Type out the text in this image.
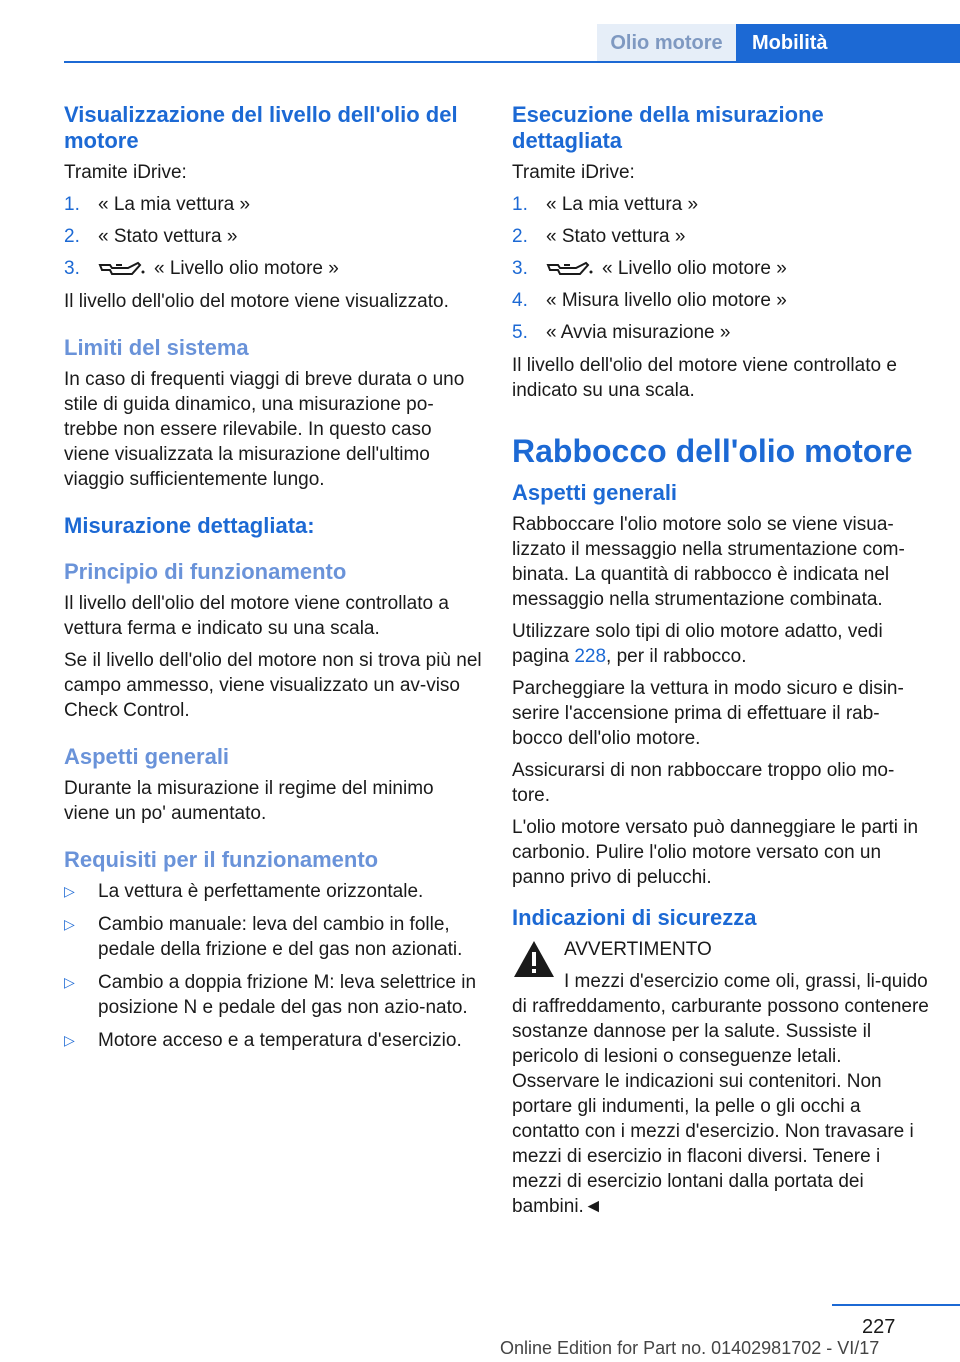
Olio motore	Mobilità
Visualizzazione del livello dell'olio del motore

Tramite iDrive:

1. « La mia vettura »
2. « Stato vettura »
3.	« Livello olio motore »

Il livello dell'olio del motore viene visualizzato.

Limiti del sistema

In caso di frequenti viaggi di breve durata o uno stile di guida dinamico, una misurazione po-trebbe non essere rilevabile. In questo caso viene visualizzata la misurazione dell'ultimo viaggio sufficientemente lungo.

Misurazione dettagliata:
Principio di funzionamento

Il livello dell'olio del motore viene controllato a vettura ferma e indicato su una scala.

Se il livello dell'olio del motore non si trova più nel campo ammesso, viene visualizzato un av-viso Check Control.

Aspetti generali

Durante la misurazione il regime del minimo viene un po' aumentato.

Requisiti per il funzionamento
▷	La vettura è perfettamente orizzontale.
▷	Cambio manuale: leva del cambio in folle, pedale della frizione e del gas non azionati.
▷	Cambio a doppia frizione M: leva selettrice in posizione N e pedale del gas non azio-nato.
▷	Motore acceso e a temperatura d'esercizio.
Esecuzione della misurazione dettagliata

Tramite iDrive:

1. « La mia vettura »
2. « Stato vettura »
3.	« Livello olio motore »
4. « Misura livello olio motore »
5. « Avvia misurazione »

Il livello dell'olio del motore viene controllato e indicato su una scala.

Rabbocco dell'olio motore
Aspetti generali

Rabboccare l'olio motore solo se viene visua-lizzato il messaggio nella strumentazione com-binata. La quantità di rabbocco è indicata nel messaggio nella strumentazione combinata.

Utilizzare solo tipi di olio motore adatto, vedi pagina 228, per il rabbocco.

Parcheggiare la vettura in modo sicuro e disin-serire l'accensione prima di effettuare il rab-bocco dell'olio motore.

Assicurarsi di non rabboccare troppo olio mo-tore.

L'olio motore versato può danneggiare le parti in carbonio. Pulire l'olio motore versato con un panno privo di pelucchi.

Indicazioni di sicurezza

AVVERTIMENTO

I mezzi d'esercizio come oli, grassi, li-quido di raffreddamento, carburante possono contenere sostanze dannose per la salute. Sussiste il pericolo di lesioni o conseguenze letali. Osservare le indicazioni sui contenitori. Non portare gli indumenti, la pelle o gli occhi a contatto con i mezzi d'esercizio. Non travasare i mezzi di esercizio in flaconi diversi. Tenere i mezzi di esercizio lontani dalla portata dei bambini.◄

227
Online Edition for Part no. 01402981702 - VI/17
